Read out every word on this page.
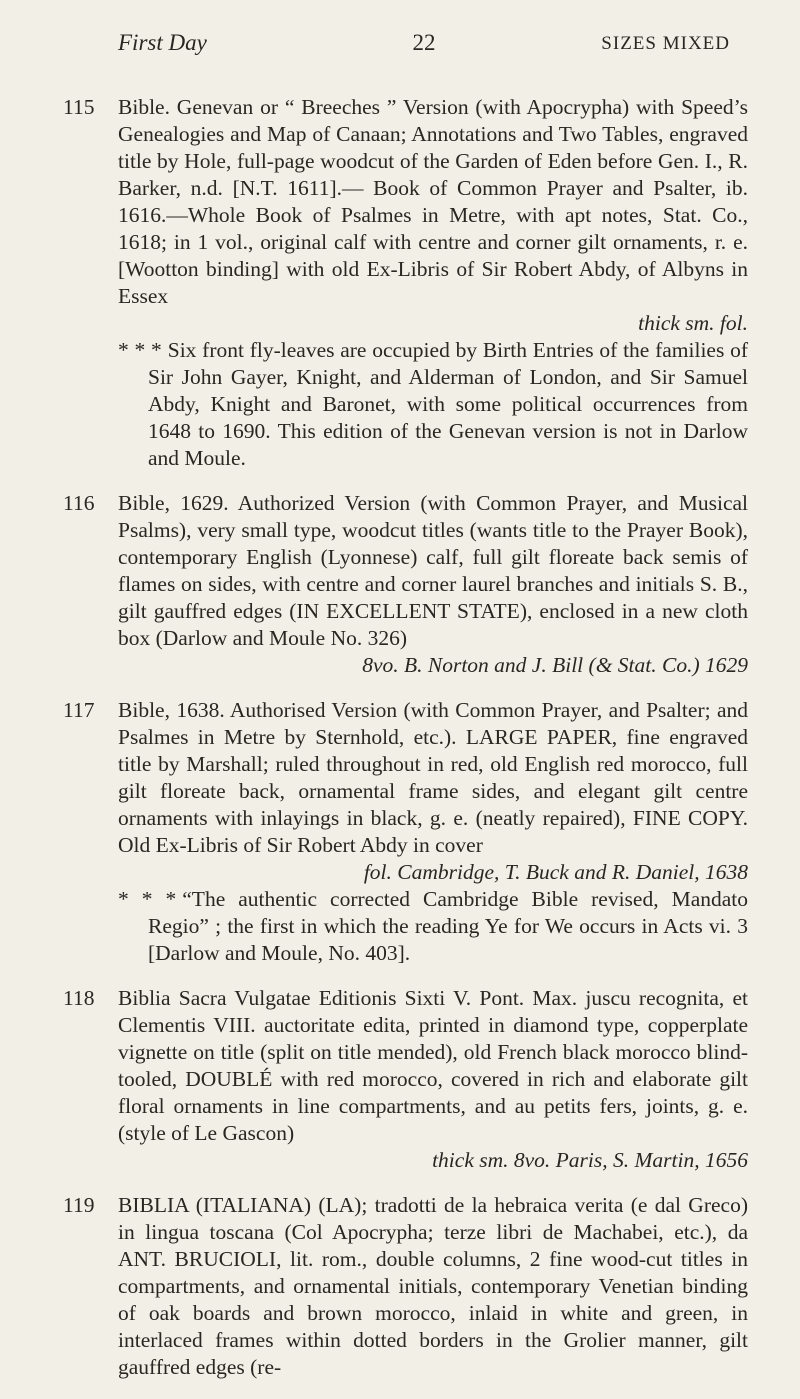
First Day	22	SIZES MIXED
115 Bible. Genevan or “ Breeches ” Version (with Apocrypha) with Speed’s Genealogies and Map of Canaan; Annotations and Two Tables, engraved title by Hole, full-page woodcut of the Garden of Eden before Gen. I., R. Barker, n.d. [N.T. 1611].— Book of Common Prayer and Psalter, ib. 1616.—Whole Book of Psalmes in Metre, with apt notes, Stat. Co., 1618; in 1 vol., original calf with centre and corner gilt ornaments, r. e. [Wootton binding] with old Ex-Libris of Sir Robert Abdy, of Albyns in Essex
thick sm. fol.
* * * Six front fly-leaves are occupied by Birth Entries of the families of Sir John Gayer, Knight, and Alderman of London, and Sir Samuel Abdy, Knight and Baronet, with some political occurrences from 1648 to 1690. This edition of the Genevan version is not in Darlow and Moule.
116 Bible, 1629. Authorized Version (with Common Prayer, and Musical Psalms), very small type, woodcut titles (wants title to the Prayer Book), contemporary English (Lyonnese) calf, full gilt floreate back semis of flames on sides, with centre and corner laurel branches and initials S. B., gilt gauffred edges (IN EXCELLENT STATE), enclosed in a new cloth box (Darlow and Moule No. 326)
8vo. B. Norton and J. Bill (& Stat. Co.) 1629
117 Bible, 1638. Authorised Version (with Common Prayer, and Psalter; and Psalmes in Metre by Sternhold, etc.). LARGE PAPER, fine engraved title by Marshall; ruled throughout in red, old English red morocco, full gilt floreate back, ornamental frame sides, and elegant gilt centre ornaments with inlayings in black, g. e. (neatly repaired), FINE COPY. Old Ex-Libris of Sir Robert Abdy in cover
fol. Cambridge, T. Buck and R. Daniel, 1638
* * * “The authentic corrected Cambridge Bible revised, Mandato Regio” ; the first in which the reading Ye for We occurs in Acts vi. 3 [Darlow and Moule, No. 403].
118 Biblia Sacra Vulgatae Editionis Sixti V. Pont. Max. juscu recognita, et Clementis VIII. auctoritate edita, printed in diamond type, copperplate vignette on title (split on title mended), old French black morocco blind-tooled, DOUBLÉ with red morocco, covered in rich and elaborate gilt floral ornaments in line compartments, and au petits fers, joints, g. e. (style of Le Gascon)
thick sm. 8vo. Paris, S. Martin, 1656
119 BIBLIA (ITALIANA) (LA); tradotti de la hebraica verita (e dal Greco) in lingua toscana (Col Apocrypha; terze libri de Machabei, etc.), da ANT. BRUCIOLI, lit. rom., double columns, 2 fine wood-cut titles in compartments, and ornamental initials, contemporary Venetian binding of oak boards and brown morocco, inlaid in white and green, in interlaced frames within dotted borders in the Grolier manner, gilt gauffred edges (re-
